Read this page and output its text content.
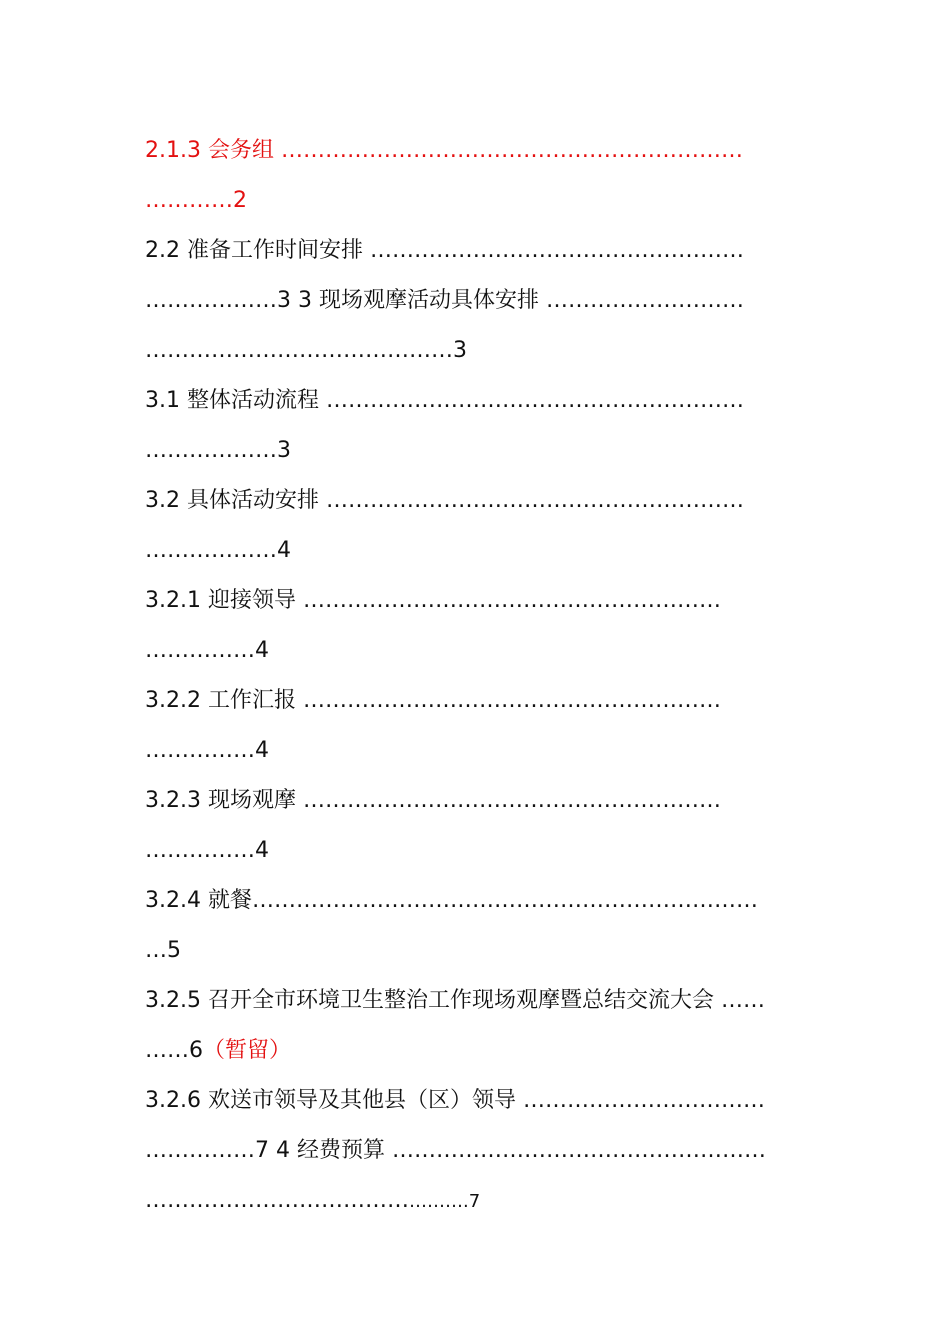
2.1.3 会务组 ………………………………………………………
…………2
2.2 准备工作时间安排 ……………………………………………
………………3 3 现场观摩活动具体安排 ………………………
……………………………………3
3.1 整体活动流程 …………………………………………………
………………3
3.2 具体活动安排 …………………………………………………
………………4
3.2.1 迎接领导 …………………………………………………
……………4
3.2.2 工作汇报 …………………………………………………
……………4
3.2.3 现场观摩 …………………………………………………
……………4
3.2.4 就餐……………………………………………………………
…5
3.2.5 召开全市环境卫生整治工作现场观摩暨总结交流大会 ……
……6（暂留）
3.2.6 欢送市领导及其他县（区）领导 ……………………………
……………7 4 经费预算 ……………………………………………
……………………………………….7
